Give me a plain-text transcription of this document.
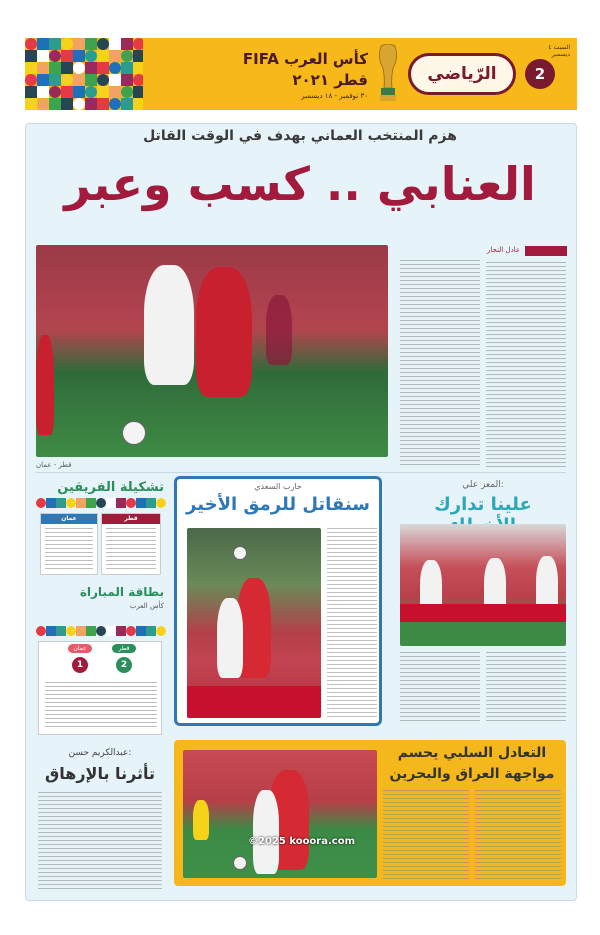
2
الرّياضي
السبت ٤ ديسمبر
كأس العرب FIFA
قطر ٢٠٢١
٣٠ نوفمبر - ١٨ ديسمبر
هزم المنتخب العماني بهدف في الوقت القاتل
العنابي .. كسب وعبر
قطر - عمان
عادل النجار
تشكيلة الفريقين
قطر
عمان
بطاقة المباراة
كأس العرب
عمان	قطر
1	2
حارب السعدي
سنقاتل للرمق الأخير
المعز علي:
علينا تدارك
عبدالكريم حسن:
تأثرنا بالإرهاق
التعادل السلبي يحسم
مواجهة العراق والبحرين
©2025 kooora.com
